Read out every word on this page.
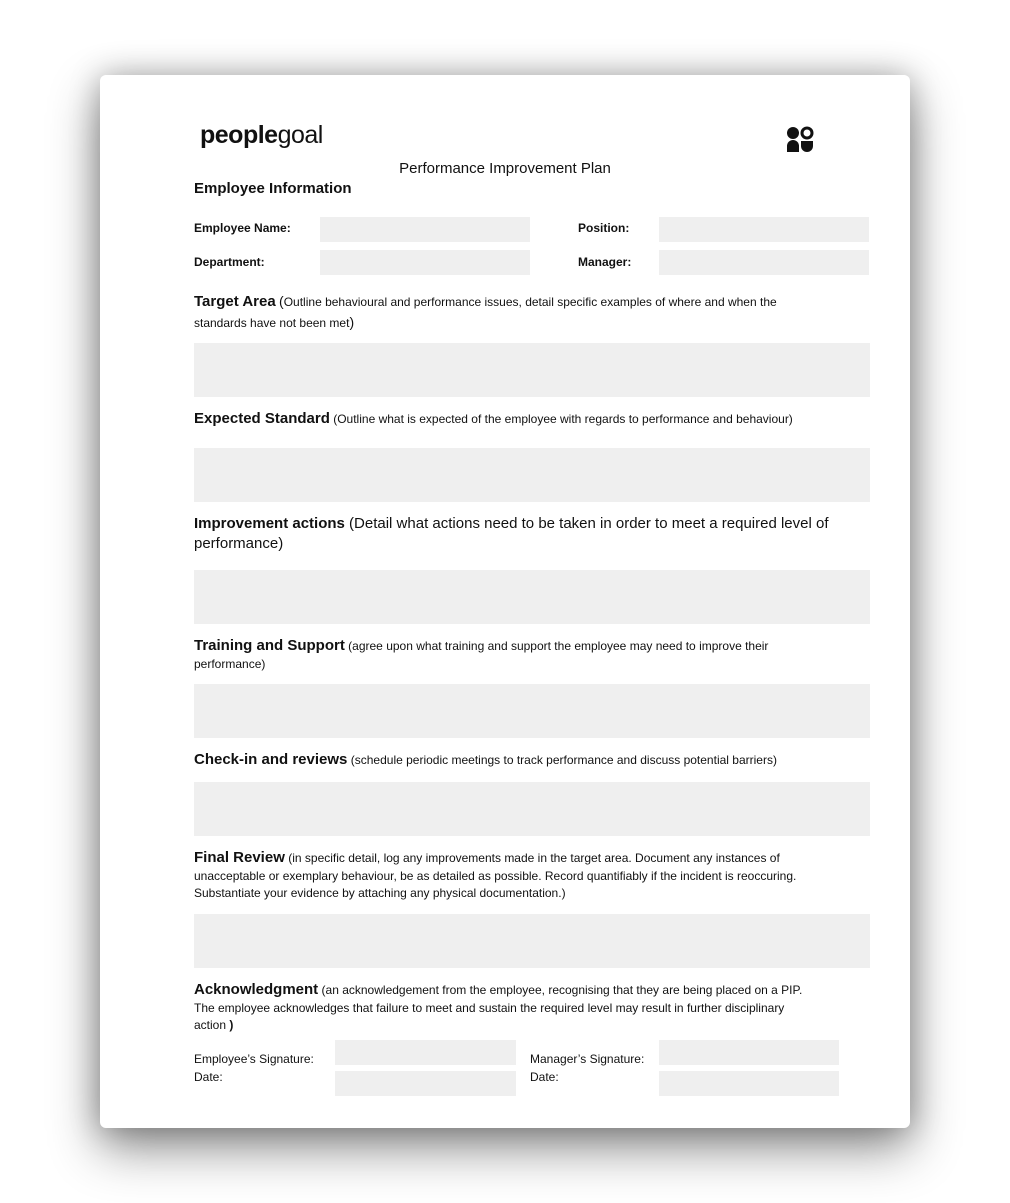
peoplegoal
Performance Improvement Plan
Employee Information
Employee Name:	Position:
Department:	Manager:
Target Area (Outline behavioural and performance issues, detail specific examples of where and when the standards have not been met)
Expected Standard (Outline what is expected of the employee with regards to performance and behaviour)
Improvement actions (Detail what actions need to be taken in order to meet a required level of performance)
Training and Support (agree upon what training and support the employee may need to improve their performance)
Check-in and reviews (schedule periodic meetings to track performance and discuss potential barriers)
Final Review (in specific detail, log any improvements made in the target area. Document any instances of unacceptable or exemplary behaviour, be as detailed as possible. Record quantifiably if the incident is reoccuring. Substantiate your evidence by attaching any physical documentation.)
Acknowledgment (an acknowledgement from the employee, recognising that they are being placed on a PIP. The employee acknowledges that failure to meet and sustain the required level may result in further disciplinary action )
Employee’s Signature:
Date:
Manager’s Signature:
Date:
